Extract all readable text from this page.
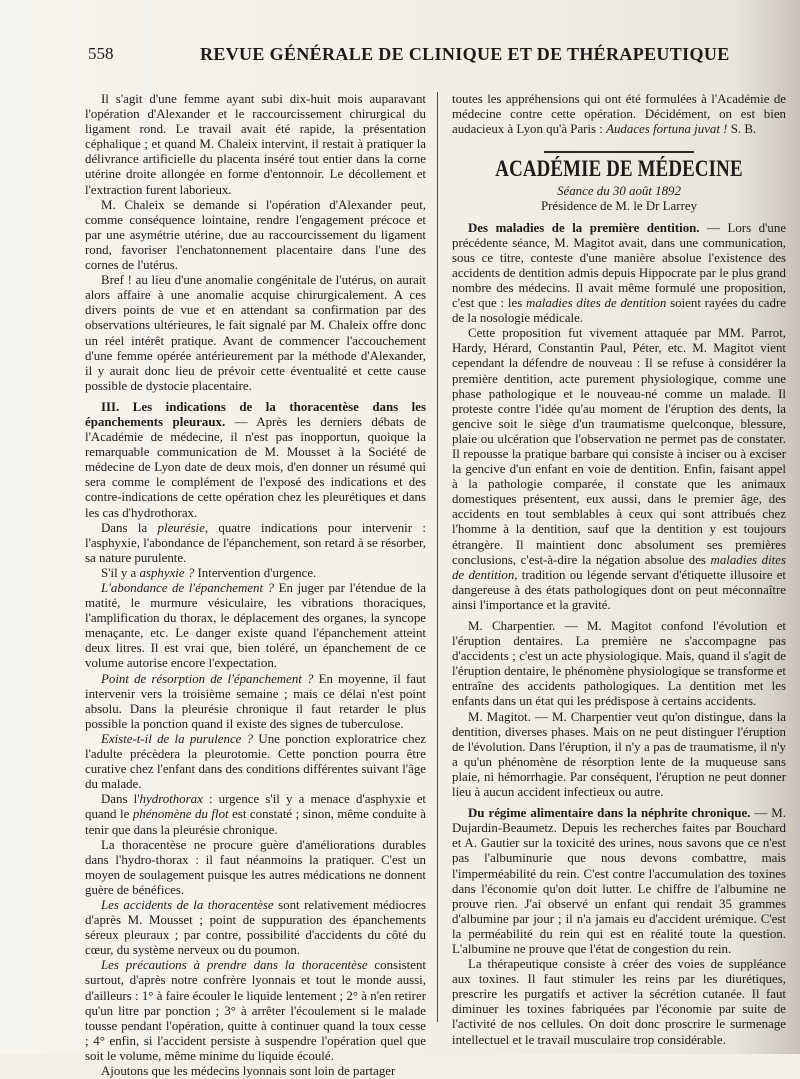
558	REVUE GÉNÉRALE DE CLINIQUE ET DE THÉRAPEUTIQUE

Il s'agit d'une femme ayant subi dix-huit mois auparavant l'opération d'Alexander et le raccourcissement chirurgical du ligament rond. Le travail avait été rapide, la présentation céphalique ; et quand M. Chaleix intervint, il restait à pratiquer la délivrance artificielle du placenta inséré tout entier dans la corne utérine droite allongée en forme d'entonnoir. Le décollement et l'extraction furent laborieux.

M. Chaleix se demande si l'opération d'Alexander peut, comme conséquence lointaine, rendre l'engagement précoce et par une asymétrie utérine, due au raccourcissement du ligament rond, favoriser l'enchatonnement placentaire dans l'une des cornes de l'utérus.

Bref ! au lieu d'une anomalie congénitale de l'utérus, on aurait alors affaire à une anomalie acquise chirurgicalement. A ces divers points de vue et en attendant sa confirmation par des observations ultérieures, le fait signalé par M. Chaleix offre donc un réel intérêt pratique. Avant de commencer l'accouchement d'une femme opérée antérieurement par la méthode d'Alexander, il y aurait donc lieu de prévoir cette éventualité et cette cause possible de dystocie placentaire.

III. Les indications de la thoracentèse dans les épanchements pleuraux. — Après les derniers débats de l'Académie de médecine, il n'est pas inopportun, quoique la remarquable communication de M. Mousset à la Société de médecine de Lyon date de deux mois, d'en donner un résumé qui sera comme le complément de l'exposé des indications et des contre-indications de cette opération chez les pleurétiques et dans les cas d'hydrothorax.

Dans la pleurésie, quatre indications pour intervenir : l'asphyxie, l'abondance de l'épanchement, son retard à se résorber, sa nature purulente.

S'il y a asphyxie ? Intervention d'urgence.

L'abondance de l'épanchement ? En juger par l'étendue de la matité, le murmure vésiculaire, les vibrations thoraciques, l'amplification du thorax, le déplacement des organes, la syncope menaçante, etc. Le danger existe quand l'épanchement atteint deux litres. Il est vrai que, bien toléré, un épanchement de ce volume autorise encore l'expectation.

Point de résorption de l'épanchement ? En moyenne, il faut intervenir vers la troisième semaine ; mais ce délai n'est point absolu. Dans la pleurésie chronique il faut retarder le plus possible la ponction quand il existe des signes de tuberculose.

Existe-t-il de la purulence ? Une ponction exploratrice chez l'adulte précèdera la pleurotomie. Cette ponction pourra être curative chez l'enfant dans des conditions différentes suivant l'âge du malade.

Dans l'hydrothorax : urgence s'il y a menace d'asphyxie et quand le phénomène du flot est constaté ; sinon, même conduite à tenir que dans la pleurésie chronique.

La thoracentèse ne procure guère d'améliorations durables dans l'hydro-thorax : il faut néanmoins la pratiquer. C'est un moyen de soulagement puisque les autres médications ne donnent guère de bénéfices.

Les accidents de la thoracentèse sont relativement médiocres d'après M. Mousset ; point de suppuration des épanchements séreux pleuraux ; par contre, possibilité d'accidents du côté du cœur, du système nerveux ou du poumon.

Les précautions à prendre dans la thoracentèse consistent surtout, d'après notre confrère lyonnais et tout le monde aussi, d'ailleurs : 1° à faire écouler le liquide lentement ; 2° à n'en retirer qu'un litre par ponction ; 3° à arrêter l'écoulement si le malade tousse pendant l'opération, quitte à continuer quand la toux cesse ; 4° enfin, si l'accident persiste à suspendre l'opération quel que soit le volume, même minime du liquide écoulé.

Ajoutons que les médecins lyonnais sont loin de partager

toutes les appréhensions qui ont été formulées à l'Académie de médecine contre cette opération. Décidément, on est bien audacieux à Lyon qu'à Paris : Audaces fortuna juvat ! S. B.

ACADÉMIE DE MÉDECINE

Séance du 30 août 1892

Présidence de M. le Dr Larrey

Des maladies de la première dentition. — Lors d'une précédente séance, M. Magitot avait, dans une communication, sous ce titre, conteste d'une manière absolue l'existence des accidents de dentition admis depuis Hippocrate par le plus grand nombre des médecins. Il avait même formulé une proposition, c'est que : les maladies dites de dentition soient rayées du cadre de la nosologie médicale.

Cette proposition fut vivement attaquée par MM. Parrot, Hardy, Hérard, Constantin Paul, Péter, etc. M. Magitot vient cependant la défendre de nouveau : Il se refuse à considérer la première dentition, acte purement physiologique, comme une phase pathologique et le nouveau-né comme un malade. Il proteste contre l'idée qu'au moment de l'éruption des dents, la gencive soit le siège d'un traumatisme quelconque, blessure, plaie ou ulcération que l'observation ne permet pas de constater. Il repousse la pratique barbare qui consiste à inciser ou à exciser la gencive d'un enfant en voie de dentition. Enfin, faisant appel à la pathologie comparée, il constate que les animaux domestiques présentent, eux aussi, dans le premier âge, des accidents en tout semblables à ceux qui sont attribués chez l'homme à la dentition, sauf que la dentition y est toujours étrangère. Il maintient donc absolument ses premières conclusions, c'est-à-dire la négation absolue des maladies dites de dentition, tradition ou légende servant d'étiquette illusoire et dangereuse à des états pathologiques dont on peut méconnaître ainsi l'importance et la gravité.

M. Charpentier. — M. Magitot confond l'évolution et l'éruption dentaires. La première ne s'accompagne pas d'accidents ; c'est un acte physiologique. Mais, quand il s'agit de l'éruption dentaire, le phénomène physiologique se transforme et entraîne des accidents pathologiques. La dentition met les enfants dans un état qui les prédispose à certains accidents.

M. Magitot. — M. Charpentier veut qu'on distingue, dans la dentition, diverses phases. Mais on ne peut distinguer l'éruption de l'évolution. Dans l'éruption, il n'y a pas de traumatisme, il n'y a qu'un phénomène de résorption lente de la muqueuse sans plaie, ni hémorrhagie. Par conséquent, l'éruption ne peut donner lieu à aucun accident infectieux ou autre.

Du régime alimentaire dans la néphrite chronique. — M. Dujardin-Beaumetz. Depuis les recherches faites par Bouchard et A. Gautier sur la toxicité des urines, nous savons que ce n'est pas l'albuminurie que nous devons combattre, mais l'imperméabilité du rein. C'est contre l'accumulation des toxines dans l'économie qu'on doit lutter. Le chiffre de l'albumine ne prouve rien. J'ai observé un enfant qui rendait 35 grammes d'albumine par jour ; il n'a jamais eu d'accident urémique. C'est la perméabilité du rein qui est en réalité toute la question. L'albumine ne prouve que l'état de congestion du rein.

La thérapeutique consiste à créer des voies de suppléance aux toxines. Il faut stimuler les reins par les diurétiques, prescrire les purgatifs et activer la sécrétion cutanée. Il faut diminuer les toxines fabriquées par l'économie par suite de l'activité de nos cellules. On doit donc proscrire le surmenage intellectuel et le travail musculaire trop considérable.
